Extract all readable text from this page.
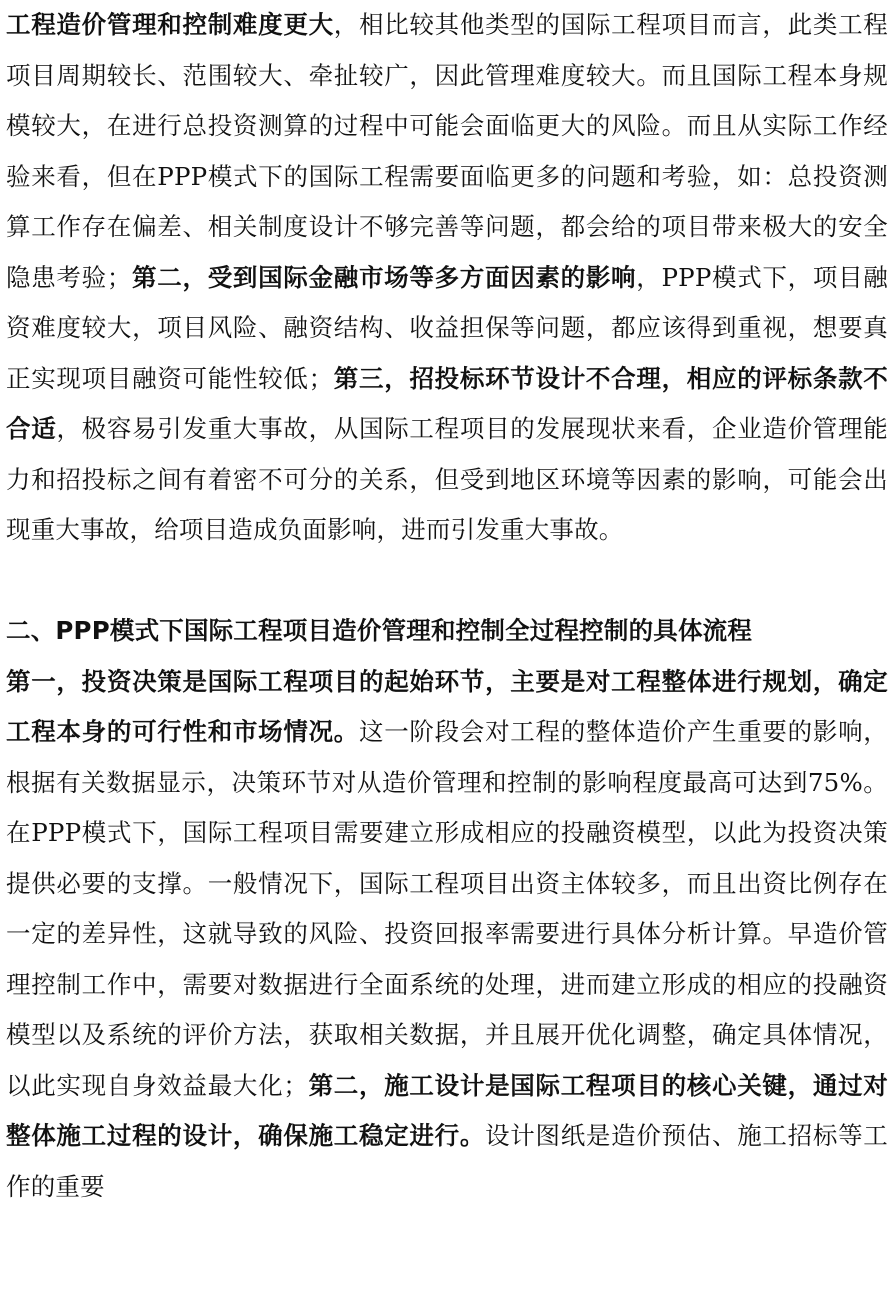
工程造价管理和控制难度更大，相比较其他类型的国际工程项目而言，此类工程项目周期较长、范围较大、牵扯较广，因此管理难度较大。而且国际工程本身规模较大，在进行总投资测算的过程中可能会面临更大的风险。而且从实际工作经验来看，但在PPP模式下的国际工程需要面临更多的问题和考验，如：总投资测算工作存在偏差、相关制度设计不够完善等问题，都会给的项目带来极大的安全隐患考验；第二，受到国际金融市场等多方面因素的影响，PPP模式下，项目融资难度较大，项目风险、融资结构、收益担保等问题，都应该得到重视，想要真正实现项目融资可能性较低；第三，招投标环节设计不合理，相应的评标条款不合适，极容易引发重大事故，从国际工程项目的发展现状来看，企业造价管理能力和招投标之间有着密不可分的关系，但受到地区环境等因素的影响，可能会出现重大事故，给项目造成负面影响，进而引发重大事故。

二、PPP模式下国际工程项目造价管理和控制全过程控制的具体流程

第一，投资决策是国际工程项目的起始环节，主要是对工程整体进行规划，确定工程本身的可行性和市场情况。这一阶段会对工程的整体造价产生重要的影响，根据有关数据显示，决策环节对从造价管理和控制的影响程度最高可达到75%。在PPP模式下，国际工程项目需要建立形成相应的投融资模型，以此为投资决策提供必要的支撑。一般情况下，国际工程项目出资主体较多，而且出资比例存在一定的差异性，这就导致的风险、投资回报率需要进行具体分析计算。早造价管理控制工作中，需要对数据进行全面系统的处理，进而建立形成的相应的投融资模型以及系统的评价方法，获取相关数据，并且展开优化调整，确定具体情况，以此实现自身效益最大化；第二，施工设计是国际工程项目的核心关键，通过对整体施工过程的设计，确保施工稳定进行。设计图纸是造价预估、施工招标等工作的重要
